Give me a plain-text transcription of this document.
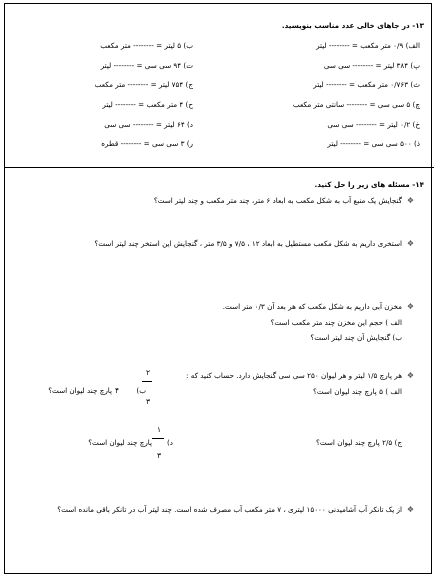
۱۳- در جاهای خالی عدد مناسب بنویسید.
الف) ۰/۹ متر مکعب = -------- لیتر
ب) ۵ لیتر = -------- متر مکعب
پ) ۳۸۴ لیتر = -------- سی سی
ت) ۹۴ سی سی = -------- لیتر
ث) ۰/۷۶۳ متر مکعب = -------- لیتر
ج) ۷۵۴ لیتر = -------- متر مکعب
چ) ۵ سی سی = -------- سانتی متر مکعب
ح) ۴ متر مکعب = -------- لیتر
خ) ۰/۲ لیتر = -------- سی سی
د) ۶۴ لیتر = -------- سی سی
ذ) ۵۰۰ سی سی = -------- لیتر
ر) ۳ سی سی = -------- قطره
۱۴- مسئله های زیر را حل کنید.
❖
گنجایش یک منبع آب به شکل مکعب به ابعاد ۶ متر، چند متر مکعب و چند لیتر است؟
❖
استخری داریم به شکل مکعب مستطیل به ابعاد ۱۲ ، ۷/۵ و ۳/۵ متر ، گنجایش این استخر چند لیتر است؟
❖
مخزن آبی داریم به شکل مکعب که هر بعد آن ۰/۳ متر است.
الف ) حجم این مخزن چند متر مکعب است؟
ب) گنجایش آن چند لیتر است؟
❖
هر پارچ ۱/۵ لیتر و هر لیوان ۲۵۰ سی سی گنجایش دارد. حساب کنید که :
الف ) ۵ پارچ چند لیوان است؟
۲
۳
ب)
۴
پارچ چند لیوان است؟
۱
۳
د)
پارچ چند لیوان است؟	ج) ۲/۵ پارچ چند لیوان است؟
❖
از یک تانکر آب آشامیدنی ۱۵۰۰۰ لیتری ، ۷ متر مکعب آب مصرف شده است. چند لیتر آب در تانکر باقی مانده است؟
